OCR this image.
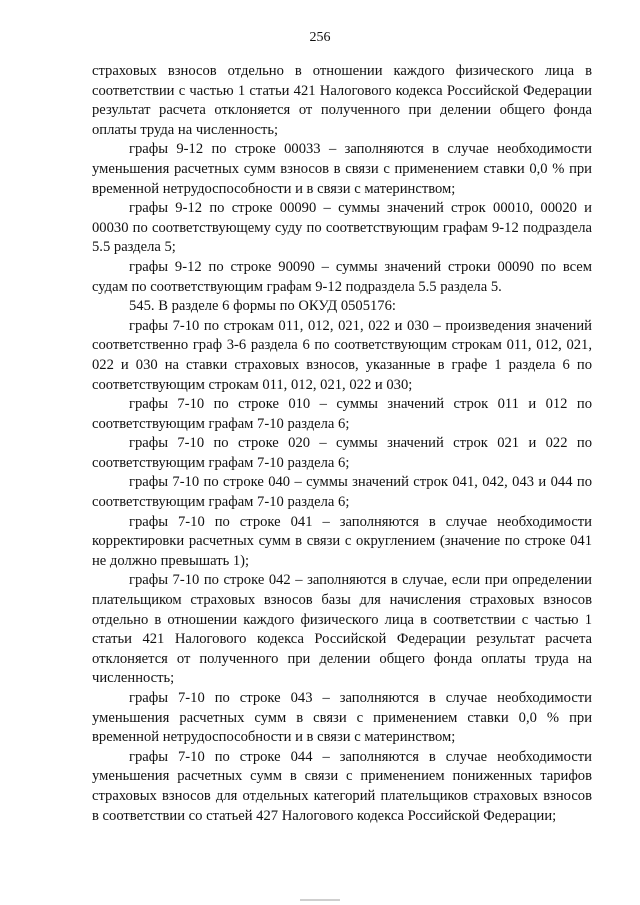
256

страховых взносов отдельно в отношении каждого физического лица в соответствии с частью 1 статьи 421 Налогового кодекса Российской Федерации результат расчета отклоняется от полученного при делении общего фонда оплаты труда на численность;

графы 9-12 по строке 00033 – заполняются в случае необходимости уменьшения расчетных сумм взносов в связи с применением ставки 0,0 % при временной нетрудоспособности и в связи с материнством;

графы 9-12 по строке 00090 – суммы значений строк 00010, 00020 и 00030 по соответствующему суду по соответствующим графам 9-12 подраздела 5.5 раздела 5;

графы 9-12 по строке 90090 – суммы значений строки 00090 по всем судам по соответствующим графам 9-12 подраздела 5.5 раздела 5.

545. В разделе 6 формы по ОКУД 0505176:

графы 7-10 по строкам 011, 012, 021, 022 и 030 – произведения значений соответственно граф 3-6 раздела 6 по соответствующим строкам 011, 012, 021, 022 и 030 на ставки страховых взносов, указанные в графе 1 раздела 6 по соответствующим строкам 011, 012, 021, 022 и 030;

графы 7-10 по строке 010 – суммы значений строк 011 и 012 по соответствующим графам 7-10 раздела 6;

графы 7-10 по строке 020 – суммы значений строк 021 и 022 по соответствующим графам 7-10 раздела 6;

графы 7-10 по строке 040 – суммы значений строк 041, 042, 043 и 044 по соответствующим графам 7-10 раздела 6;

графы 7-10 по строке 041 – заполняются в случае необходимости корректировки расчетных сумм в связи с округлением (значение по строке 041 не должно превышать 1);

графы 7-10 по строке 042 – заполняются в случае, если при определении плательщиком страховых взносов базы для начисления страховых взносов отдельно в отношении каждого физического лица в соответствии с частью 1 статьи 421 Налогового кодекса Российской Федерации результат расчета отклоняется от полученного при делении общего фонда оплаты труда на численность;

графы 7-10 по строке 043 – заполняются в случае необходимости уменьшения расчетных сумм в связи с применением ставки 0,0 % при временной нетрудоспособности и в связи с материнством;

графы 7-10 по строке 044 – заполняются в случае необходимости уменьшения расчетных сумм в связи с применением пониженных тарифов страховых взносов для отдельных категорий плательщиков страховых взносов в соответствии со статьей 427 Налогового кодекса Российской Федерации;
